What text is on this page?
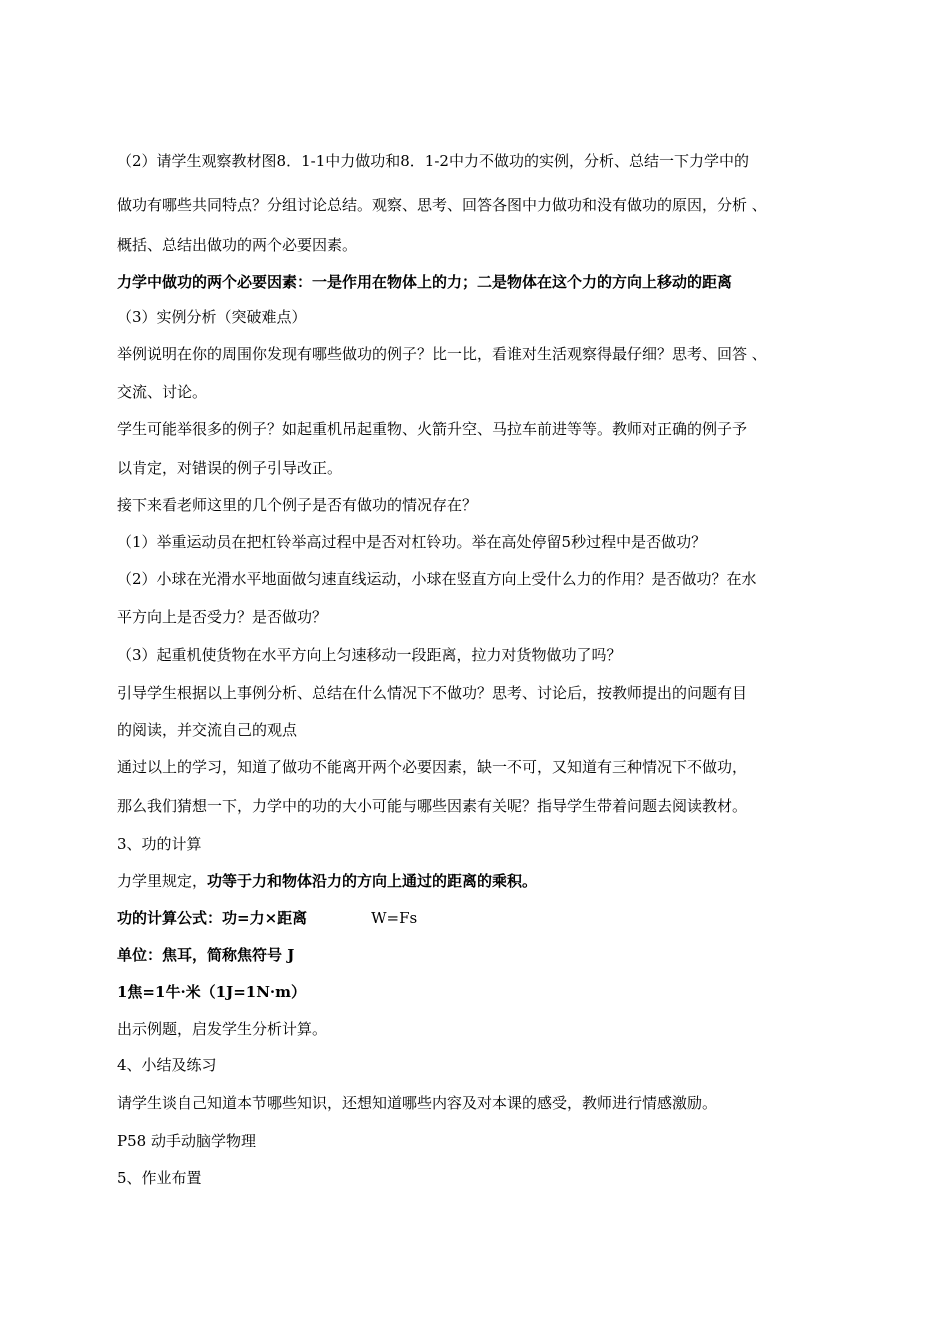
（2）请学生观察教材图8．1-1中力做功和8．1-2中力不做功的实例，分析、总结一下力学中的
做功有哪些共同特点？分组讨论总结。观察、思考、回答各图中力做功和没有做功的原因，分析 、
概括、总结出做功的两个必要因素。
力学中做功的两个必要因素：一是作用在物体上的力；二是物体在这个力的方向上移动的距离
（3）实例分析（突破难点）
举例说明在你的周围你发现有哪些做功的例子？比一比，看谁对生活观察得最仔细？思考、回答 、
交流、讨论。
学生可能举很多的例子？如起重机吊起重物、火箭升空、马拉车前进等等。教师对正确的例子予
以肯定，对错误的例子引导改正。
接下来看老师这里的几个例子是否有做功的情况存在？
（1）举重运动员在把杠铃举高过程中是否对杠铃功。举在高处停留5秒过程中是否做功？
（2）小球在光滑水平地面做匀速直线运动，小球在竖直方向上受什么力的作用？是否做功？在水
平方向上是否受力？是否做功？
（3）起重机使货物在水平方向上匀速移动一段距离，拉力对货物做功了吗？
引导学生根据以上事例分析、总结在什么情况下不做功？思考、讨论后，按教师提出的问题有目
的阅读，并交流自己的观点
通过以上的学习，知道了做功不能离开两个必要因素，缺一不可，又知道有三种情况下不做功，
那么我们猜想一下，力学中的功的大小可能与哪些因素有关呢？指导学生带着问题去阅读教材。
3、功的计算
力学里规定，功等于力和物体沿力的方向上通过的距离的乘积。
功的计算公式：功=力×距离	W=Fs
单位：焦耳，简称焦符号 J
1焦=1牛·米（1J=1N·m）
出示例题，启发学生分析计算。
4、小结及练习
请学生谈自己知道本节哪些知识，还想知道哪些内容及对本课的感受，教师进行情感激励。
P58 动手动脑学物理
5、作业布置
